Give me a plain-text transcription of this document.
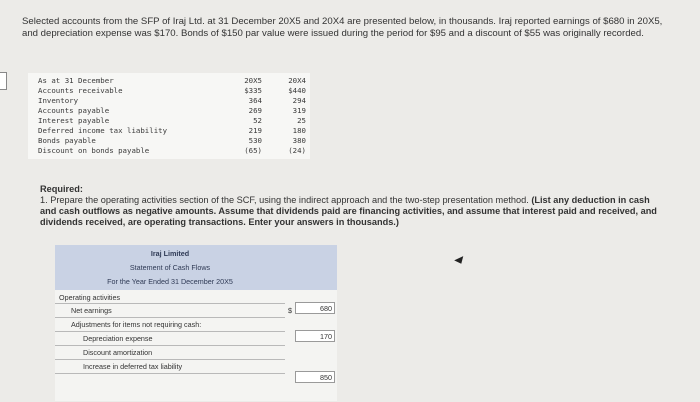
Selected accounts from the SFP of Iraj Ltd. at 31 December 20X5 and 20X4 are presented below, in thousands. Iraj reported earnings of $680 in 20X5, and depreciation expense was $170. Bonds of $150 par value were issued during the period for $95 and a discount of $55 was originally recorded.
As at 31 December	20X5	20X4
Accounts receivable	$335	$440
Inventory	364	294
Accounts payable	269	319
Interest payable	52	25
Deferred income tax liability	219	180
Bonds payable	530	380
Discount on bonds payable	(65)	(24)
Required:
1. Prepare the operating activities section of the SCF, using the indirect approach and the two-step presentation method. (List any deduction in cash and cash outflows as negative amounts. Assume that dividends paid are financing activities, and assume that interest paid and received, and dividends received, are operating transactions. Enter your answers in thousands.)
Iraj Limited
Statement of Cash Flows
For the Year Ended 31 December 20X5
Operating activities
Net earnings	$	680
Adjustments for items not requiring cash:
Depreciation expense	170
Discount amortization
Increase in deferred tax liability
850
